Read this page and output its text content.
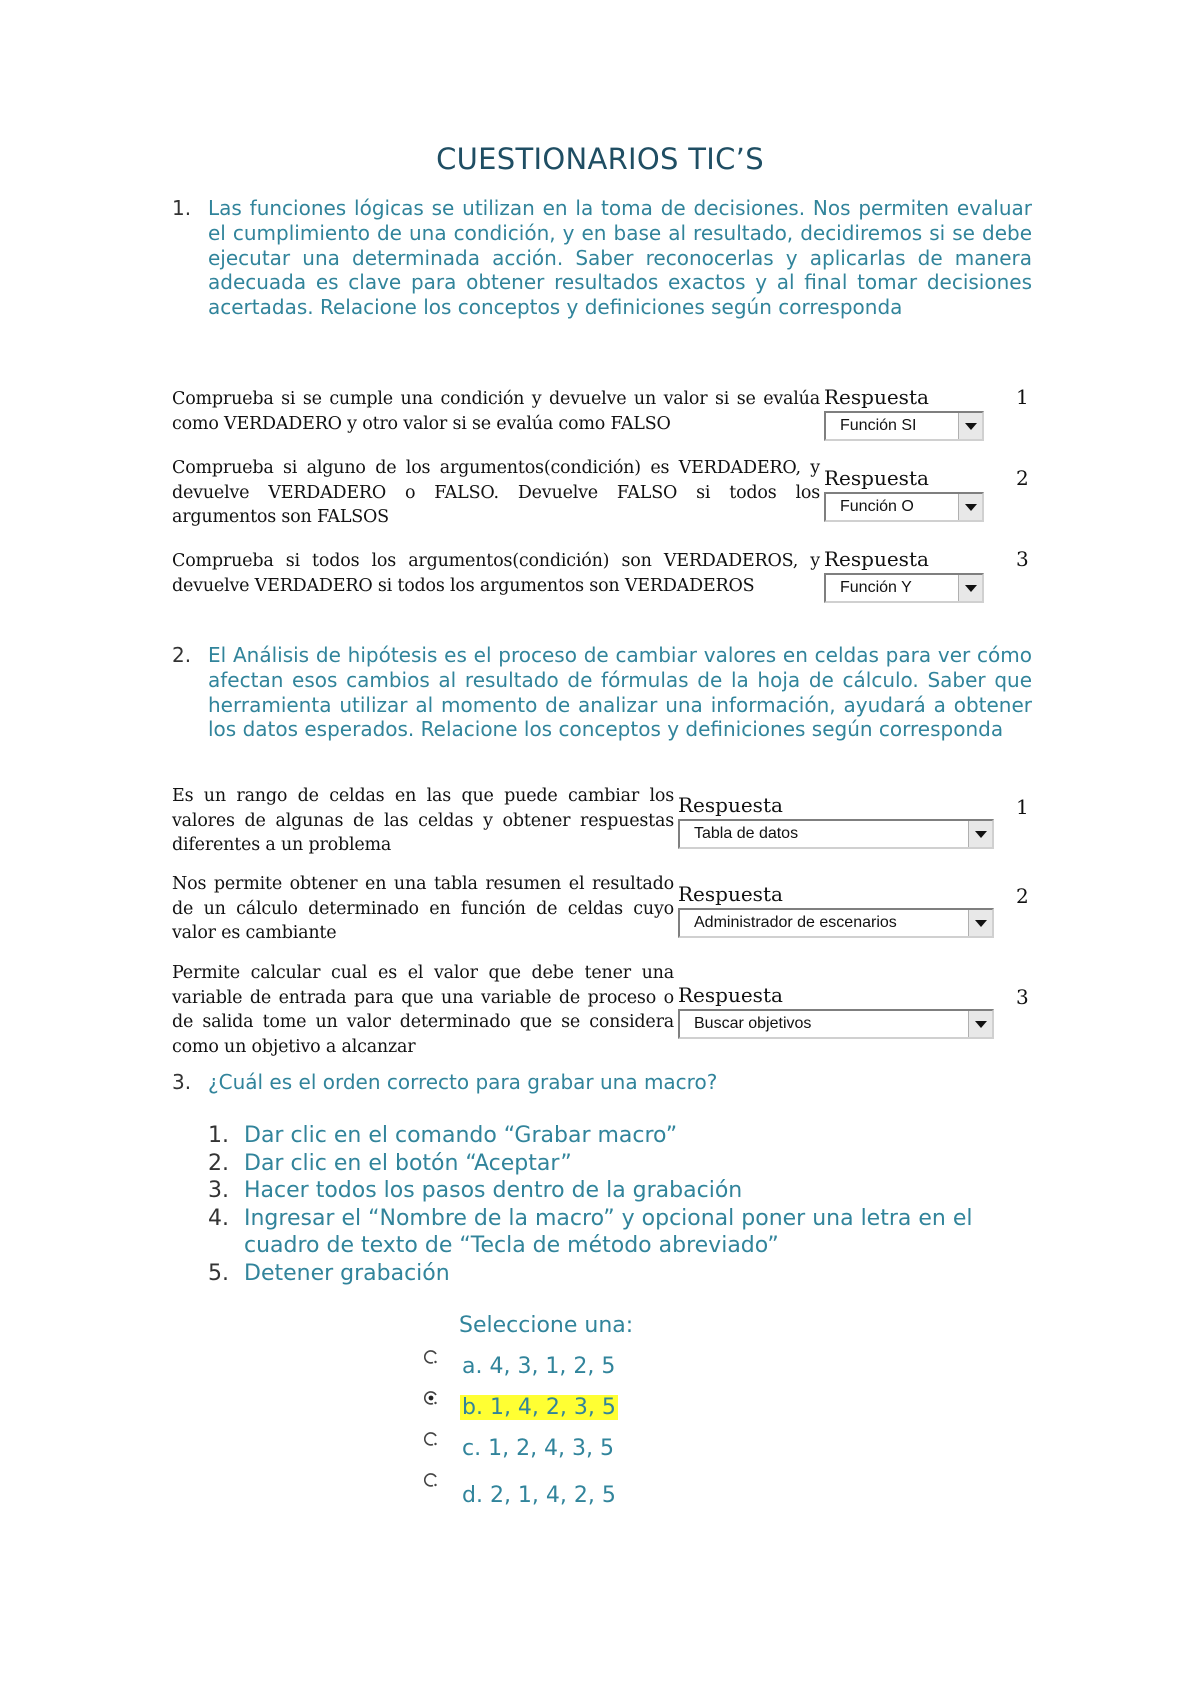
CUESTIONARIOS TIC’S
1. Las funciones lógicas se utilizan en la toma de decisiones. Nos permiten evaluar el cumplimiento de una condición, y en base al resultado, decidiremos si se debe ejecutar una determinada acción. Saber reconocerlas y aplicarlas de manera adecuada es clave para obtener resultados exactos y al final tomar decisiones acertadas. Relacione los conceptos y definiciones según corresponda
Comprueba si se cumple una condición y devuelve un valor si se evalúa como VERDADERO y otro valor si se evalúa como FALSO
Respuesta
Función SI
1
Comprueba si alguno de los argumentos(condición) es VERDADERO, y devuelve VERDADERO o FALSO. Devuelve FALSO si todos los argumentos son FALSOS
Respuesta
Función O
2
Comprueba si todos los argumentos(condición) son VERDADEROS, y devuelve VERDADERO si todos los argumentos son VERDADEROS
Respuesta
Función Y
3
2. El Análisis de hipótesis es el proceso de cambiar valores en celdas para ver cómo afectan esos cambios al resultado de fórmulas de la hoja de cálculo. Saber que herramienta utilizar al momento de analizar una información, ayudará a obtener los datos esperados. Relacione los conceptos y definiciones según corresponda
Es un rango de celdas en las que puede cambiar los valores de algunas de las celdas y obtener respuestas diferentes a un problema
Respuesta
Tabla de datos
1
Nos permite obtener en una tabla resumen el resultado de un cálculo determinado en función de celdas cuyo valor es cambiante
Respuesta
Administrador de escenarios
2
Permite calcular cual es el valor que debe tener una variable de entrada para que una variable de proceso o de salida tome un valor determinado que se considera como un objetivo a alcanzar
Respuesta
Buscar objetivos
3
3. ¿Cuál es el orden correcto para grabar una macro?
1. Dar clic en el comando “Grabar macro”
2. Dar clic en el botón “Aceptar”
3. Hacer todos los pasos dentro de la grabación
4. Ingresar el “Nombre de la macro” y opcional poner una letra en el cuadro de texto de “Tecla de método abreviado”
5. Detener grabación
Seleccione una:
a. 4, 3, 1, 2, 5
b. 1, 4, 2, 3, 5
c. 1, 2, 4, 3, 5
d. 2, 1, 4, 2, 5
